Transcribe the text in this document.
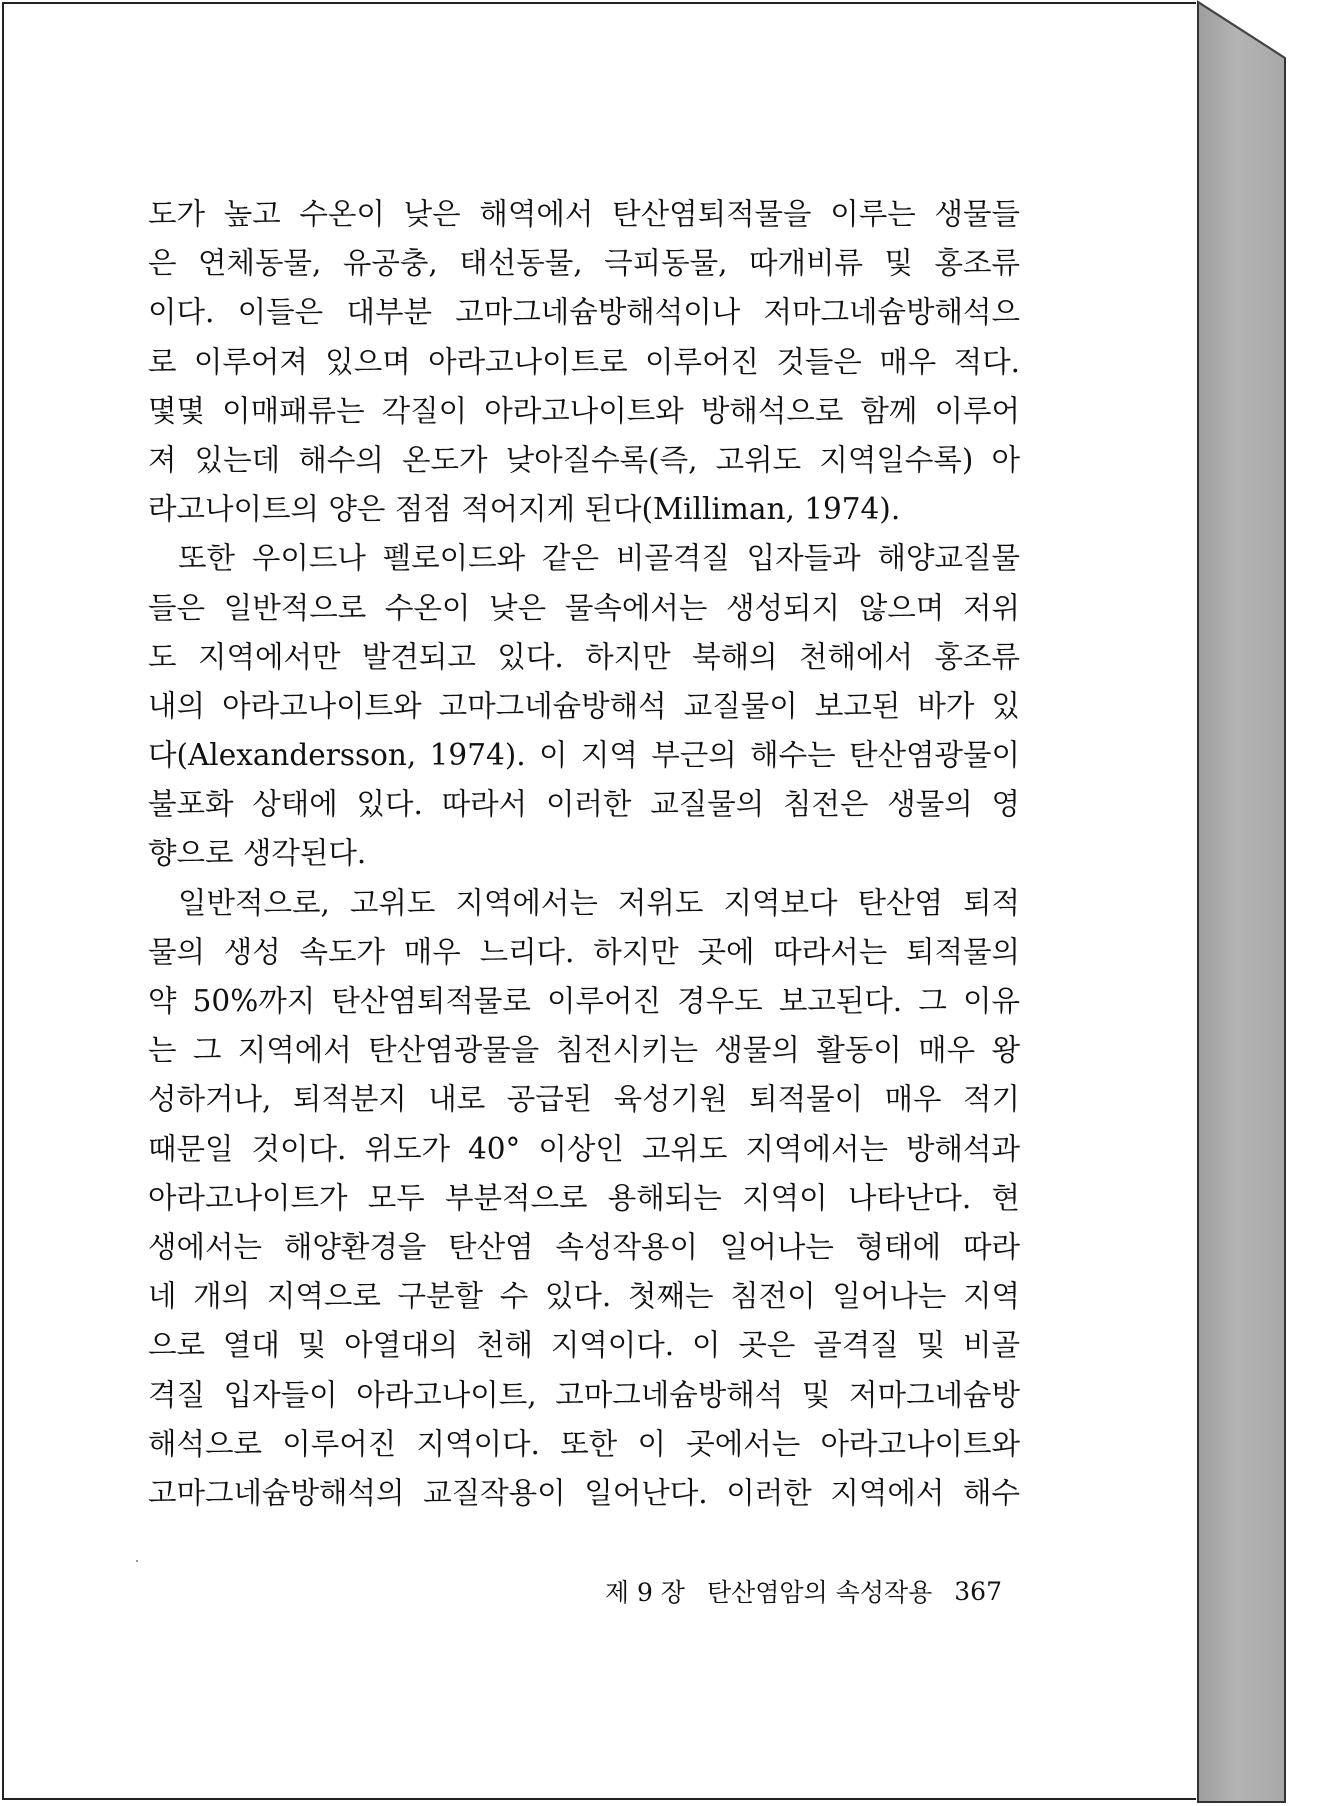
도가 높고 수온이 낮은 해역에서 탄산염퇴적물을 이루는 생물들
은 연체동물, 유공충, 태선동물, 극피동물, 따개비류 및 홍조류
이다. 이들은 대부분 고마그네슘방해석이나 저마그네슘방해석으
로 이루어져 있으며 아라고나이트로 이루어진 것들은 매우 적다.
몇몇 이매패류는 각질이 아라고나이트와 방해석으로 함께 이루어
져 있는데 해수의 온도가 낮아질수록(즉, 고위도 지역일수록) 아
라고나이트의 양은 점점 적어지게 된다(Milliman, 1974).
또한 우이드나 펠로이드와 같은 비골격질 입자들과 해양교질물
들은 일반적으로 수온이 낮은 물속에서는 생성되지 않으며 저위
도 지역에서만 발견되고 있다. 하지만 북해의 천해에서 홍조류
내의 아라고나이트와 고마그네슘방해석 교질물이 보고된 바가 있
다(Alexandersson, 1974). 이 지역 부근의 해수는 탄산염광물이
불포화 상태에 있다. 따라서 이러한 교질물의 침전은 생물의 영
향으로 생각된다.
일반적으로, 고위도 지역에서는 저위도 지역보다 탄산염 퇴적
물의 생성 속도가 매우 느리다. 하지만 곳에 따라서는 퇴적물의
약 50%까지 탄산염퇴적물로 이루어진 경우도 보고된다. 그 이유
는 그 지역에서 탄산염광물을 침전시키는 생물의 활동이 매우 왕
성하거나, 퇴적분지 내로 공급된 육성기원 퇴적물이 매우 적기
때문일 것이다. 위도가 40° 이상인 고위도 지역에서는 방해석과
아라고나이트가 모두 부분적으로 용해되는 지역이 나타난다. 현
생에서는 해양환경을 탄산염 속성작용이 일어나는 형태에 따라
네 개의 지역으로 구분할 수 있다. 첫째는 침전이 일어나는 지역
으로 열대 및 아열대의 천해 지역이다. 이 곳은 골격질 및 비골
격질 입자들이 아라고나이트, 고마그네슘방해석 및 저마그네슘방
해석으로 이루어진 지역이다. 또한 이 곳에서는 아라고나이트와
고마그네슘방해석의 교질작용이 일어난다. 이러한 지역에서 해수
제 9 장 탄산염암의 속성작용 367
